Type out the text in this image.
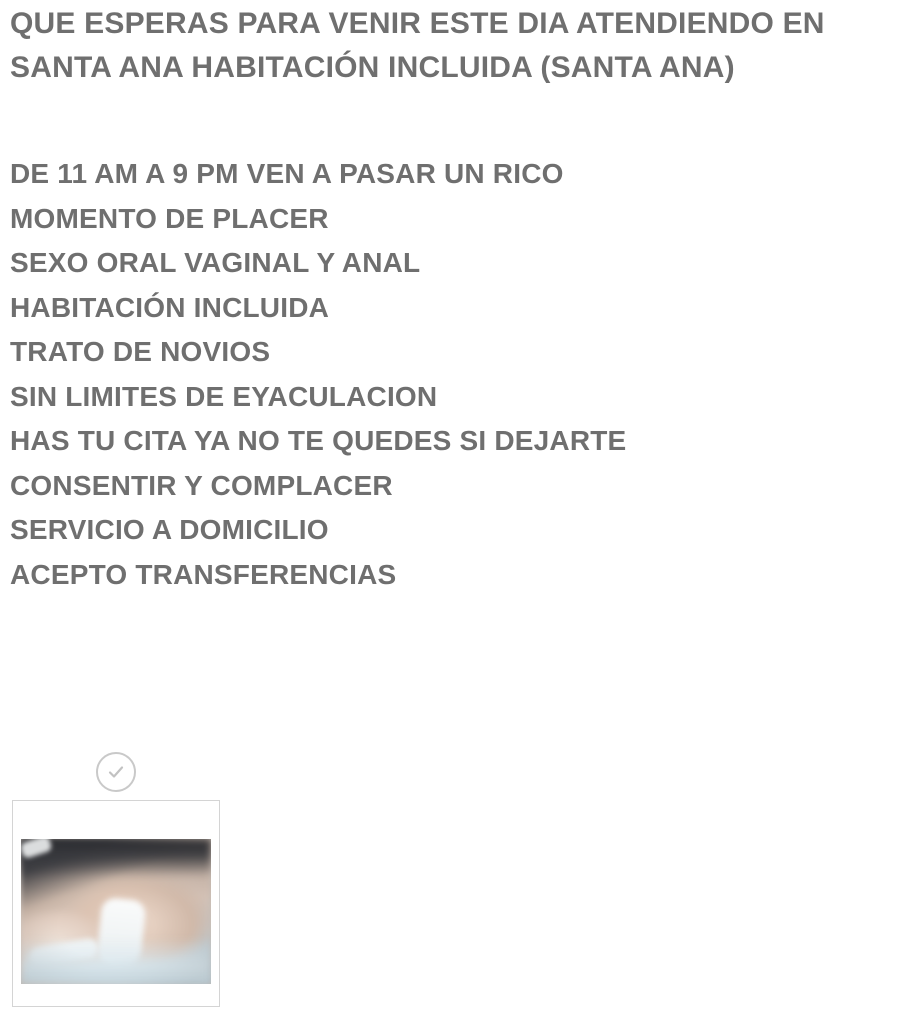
QUE ESPERAS PARA VENIR ESTE DIA ATENDIENDO EN SANTA ANA HABITACIÓN INCLUIDA (SANTA ANA)
DE 11 AM A 9 PM VEN A PASAR UN RICO
MOMENTO DE PLACER
SEXO ORAL VAGINAL Y ANAL
HABITACIÓN INCLUIDA
TRATO DE NOVIOS
SIN LIMITES DE EYACULACION
HAS TU CITA YA NO TE QUEDES SI DEJARTE
CONSENTIR Y COMPLACER
SERVICIO A DOMICILIO
ACEPTO TRANSFERENCIAS
